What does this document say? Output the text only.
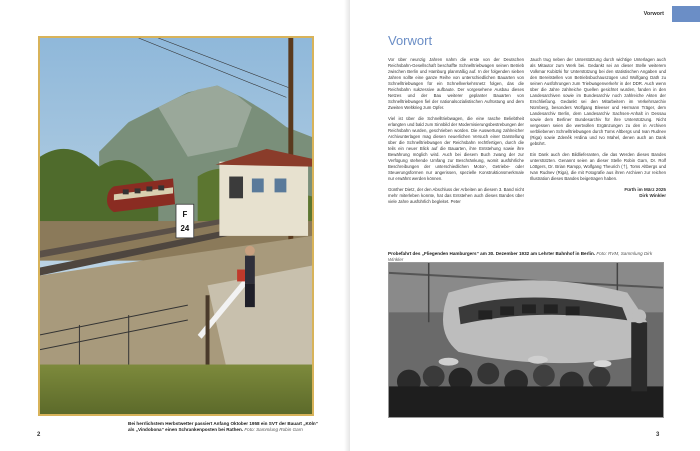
F
24
Bei herrlichstem Herbstwetter passiert Anfang Oktober 1958 ein SVT der Bauart „Köln“ als „Vindobona“ einen Schrankenposten bei Rathen. Foto: Sammlung Robin Garn
2
Vorwort
Vorwort

Vor über neunzig Jahren nahm die erste von der Deutschen Reichsbahn-Gesellschaft beschaffte Schnelltriebwagen seinen Betrieb zwischen Berlin und Hamburg planmäßig auf. In der folgenden sieben Jahren sollte eine ganze Reihe von unterschiedlichen Bauarten von Schnelltriebwagen für ein Schnellverkehrsnetz folgen, das die Reichsbahn sukzessive aufbaute. Der vorgesehene Ausbau dieses Netzes und der Bau weiterer geplanter Bauarten von Schnelltriebwagen fiel der nationalsozialistischen Aufrüstung und dem Zweiten Weltkrieg zum Opfer.

Viel ist über die Schnelltriebwagen, die eine rasche Beliebtheit erlangten und bald zum Sinnbild der Modernisierungsbestrebungen der Reichsbahn wurden, geschrieben worden. Die Auswertung zahlreicher Archivunterlagen mag diesen neuerlichen Versuch einer Darstellung über die Schnelltriebwagen der Reichsbahn rechtfertigen, durch die teils ein neuer Blick auf die Bauarten, ihre Entstehung sowie ihre Bewährung möglich wird. Auch bei diesem Buch zwang der zur Verfügung stehende Umfang zur Beschränkung, womit ausführliche Beschreibungen der unterschiedlichen Motor-, Getriebe- oder Steuerungsformen nur angerissen, spezielle Konstruktionsmerkmale nur erwähnt werden können.

Günther Dietz, der den Abschluss der Arbeiten an diesem 3. Band nicht mehr miterleben konnte, hat das Entstehen auch dieses Bandes über viele Jahre ausführlich begleitet. Peter

Jauch trug neben der Unterstützung durch wichtige Unterlagen auch als Mitautor zum Werk bei. Gedankt sei an dieser Stelle weiterem Volkmar Kubitzki für Unterstützung bei den statistischen Angaben und den Bereitstellen von Betriebsbuchauszügen und Wolfgang Dath zu seinen Ausführungen zum Triebwagenverkehr in der DDR. Auch wenn über die Jahre zahlreiche Quellen gesichtet wurden, fanden in den Landesarchiven sowie im Bundesarchiv noch zahlreiche Akten der Erschließung. Gedankt sei den Mitarbeitern im Verkehrsarchiv Nürnberg, besonders Wolfgang Bleeser und Hermann Träger, dem Landesarchiv Berlin, dem Landesarchiv Sachsen-Anhalt in Dessau sowie dem Berliner Bundesarchiv für ihre Unterstützung. Nicht vergessen seien die wertvollen Ergänzungen zu den in Archiven verbliebenen Schnelltriebwagen durch Toms Altbergs und Ivan Rudnev (Riga) sowie Zdeněk Hrdina und Ivo Mahel, denen auch an Dank gebührt.

Ein Dank auch den Bildlieferanten, die das Werden dieses Bandes unterstützten. Genannt seien an dieser Stelle Robin Garn, Dr. Rolf Löttgers, Dr. Brian Rampp, Wolfgang Theurich (†), Toms Altbergs und Ivan Rudnev (Riga), die mit Fotografie aus ihren Archiven zur reichen Illustration dieses Bandes beigetragen haben.

Fürth im März 2025
Dirk Winkler
Probefahrt des „Fliegenden Hamburgers“ am 30. Dezember 1932 am Lehrter Bahnhof in Berlin. Foto: RVM, Sammlung Dirk Winkler
3
